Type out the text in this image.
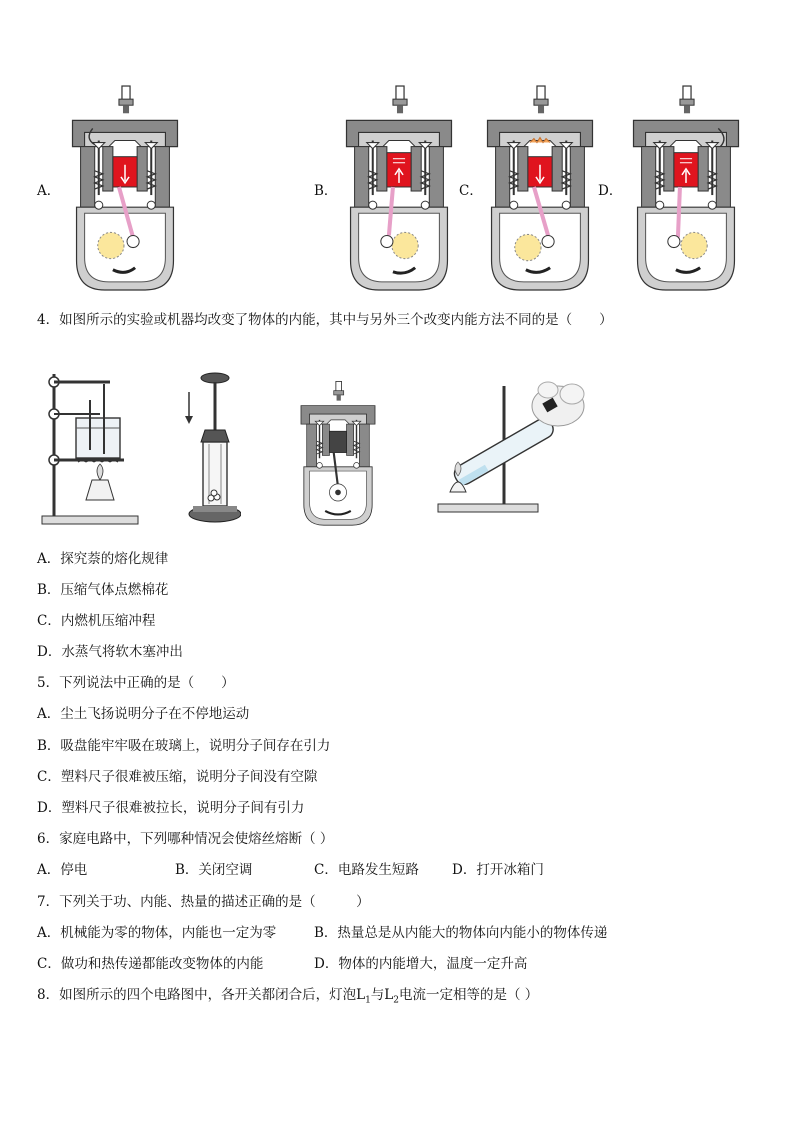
A．	B．	C．	D．
4．如图所示的实验或机器均改变了物体的内能，其中与另外三个改变内能方法不同的是（　　）
A．探究萘的熔化规律
B．压缩气体点燃棉花
C．内燃机压缩冲程
D．水蒸气将软木塞冲出
5．下列说法中正确的是（　　）
A．尘土飞扬说明分子在不停地运动
B．吸盘能牢牢吸在玻璃上，说明分子间存在引力
C．塑料尺子很难被压缩，说明分子间没有空隙
D．塑料尺子很难被拉长，说明分子间有引力
6．家庭电路中，下列哪种情况会使熔丝熔断（ ）
A．停电	B．关闭空调	C．电路发生短路 D．打开冰箱门
7．下列关于功、内能、热量的描述正确的是（　　　）
A．机械能为零的物体，内能也一定为零	B．热量总是从内能大的物体向内能小的物体传递
C．做功和热传递都能改变物体的内能	D．物体的内能增大，温度一定升高
8．如图所示的四个电路图中，各开关都闭合后，灯泡$L_1$与$L_2$电流一定相等的是（ ）
